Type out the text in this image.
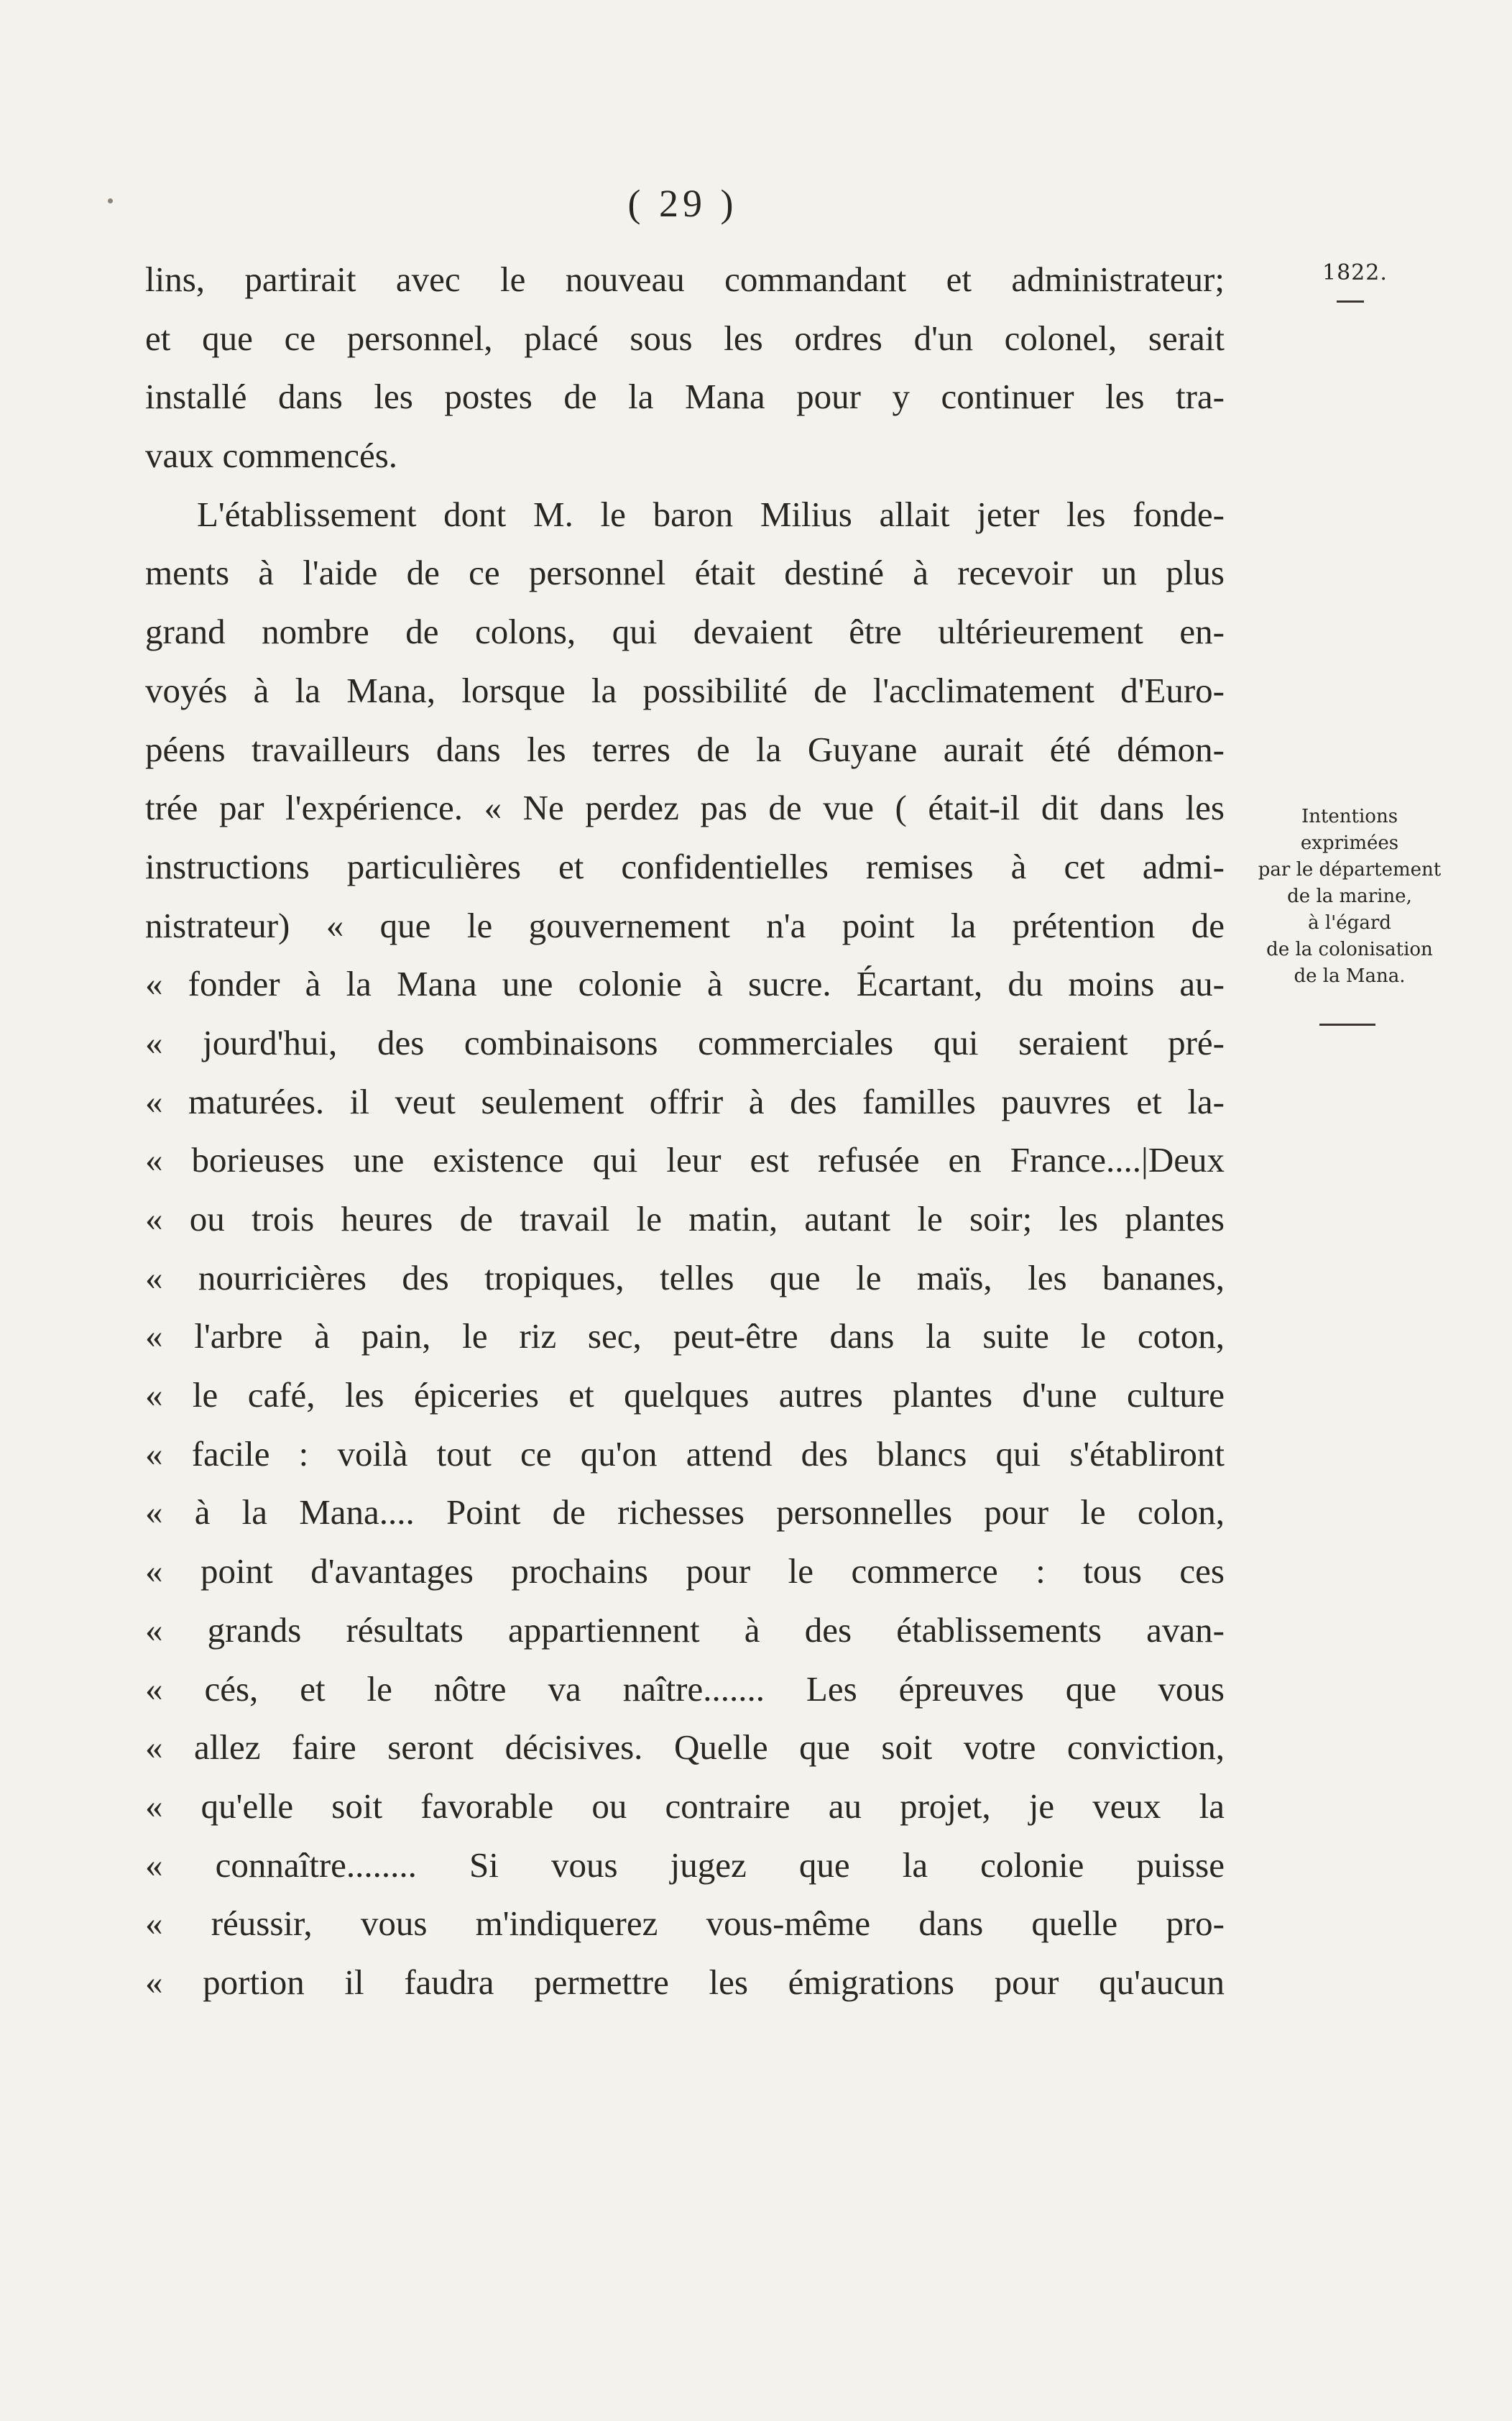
( 29 )
1822.
Intentions
exprimées
par le département
de la marine,
à l'égard
de la colonisation
de la Mana.
lins, partirait avec le nouveau commandant et administrateur;
et que ce personnel, placé sous les ordres d'un colonel, serait
installé dans les postes de la Mana pour y continuer les tra-
vaux commencés.
L'établissement dont M. le baron Milius allait jeter les fonde-
ments à l'aide de ce personnel était destiné à recevoir un plus
grand nombre de colons, qui devaient être ultérieurement en-
voyés à la Mana, lorsque la possibilité de l'acclimatement d'Euro-
péens travailleurs dans les terres de la Guyane aurait été démon-
trée par l'expérience. « Ne perdez pas de vue ( était-il dit dans les
instructions particulières et confidentielles remises à cet admi-
nistrateur) « que le gouvernement n'a point la prétention de
« fonder à la Mana une colonie à sucre. Écartant, du moins au-
« jourd'hui, des combinaisons commerciales qui seraient pré-
« maturées. il veut seulement offrir à des familles pauvres et la-
« borieuses une existence qui leur est refusée en France....|Deux
« ou trois heures de travail le matin, autant le soir; les plantes
« nourricières des tropiques, telles que le maïs, les bananes,
« l'arbre à pain, le riz sec, peut-être dans la suite le coton,
« le café, les épiceries et quelques autres plantes d'une culture
« facile : voilà tout ce qu'on attend des blancs qui s'établiront
« à la Mana.... Point de richesses personnelles pour le colon,
« point d'avantages prochains pour le commerce : tous ces
« grands résultats appartiennent à des établissements avan-
« cés, et le nôtre va naître....... Les épreuves que vous
« allez faire seront décisives. Quelle que soit votre conviction,
« qu'elle soit favorable ou contraire au projet, je veux la
« connaître........ Si vous jugez que la colonie puisse
« réussir, vous m'indiquerez vous-même dans quelle pro-
« portion il faudra permettre les émigrations pour qu'aucun
